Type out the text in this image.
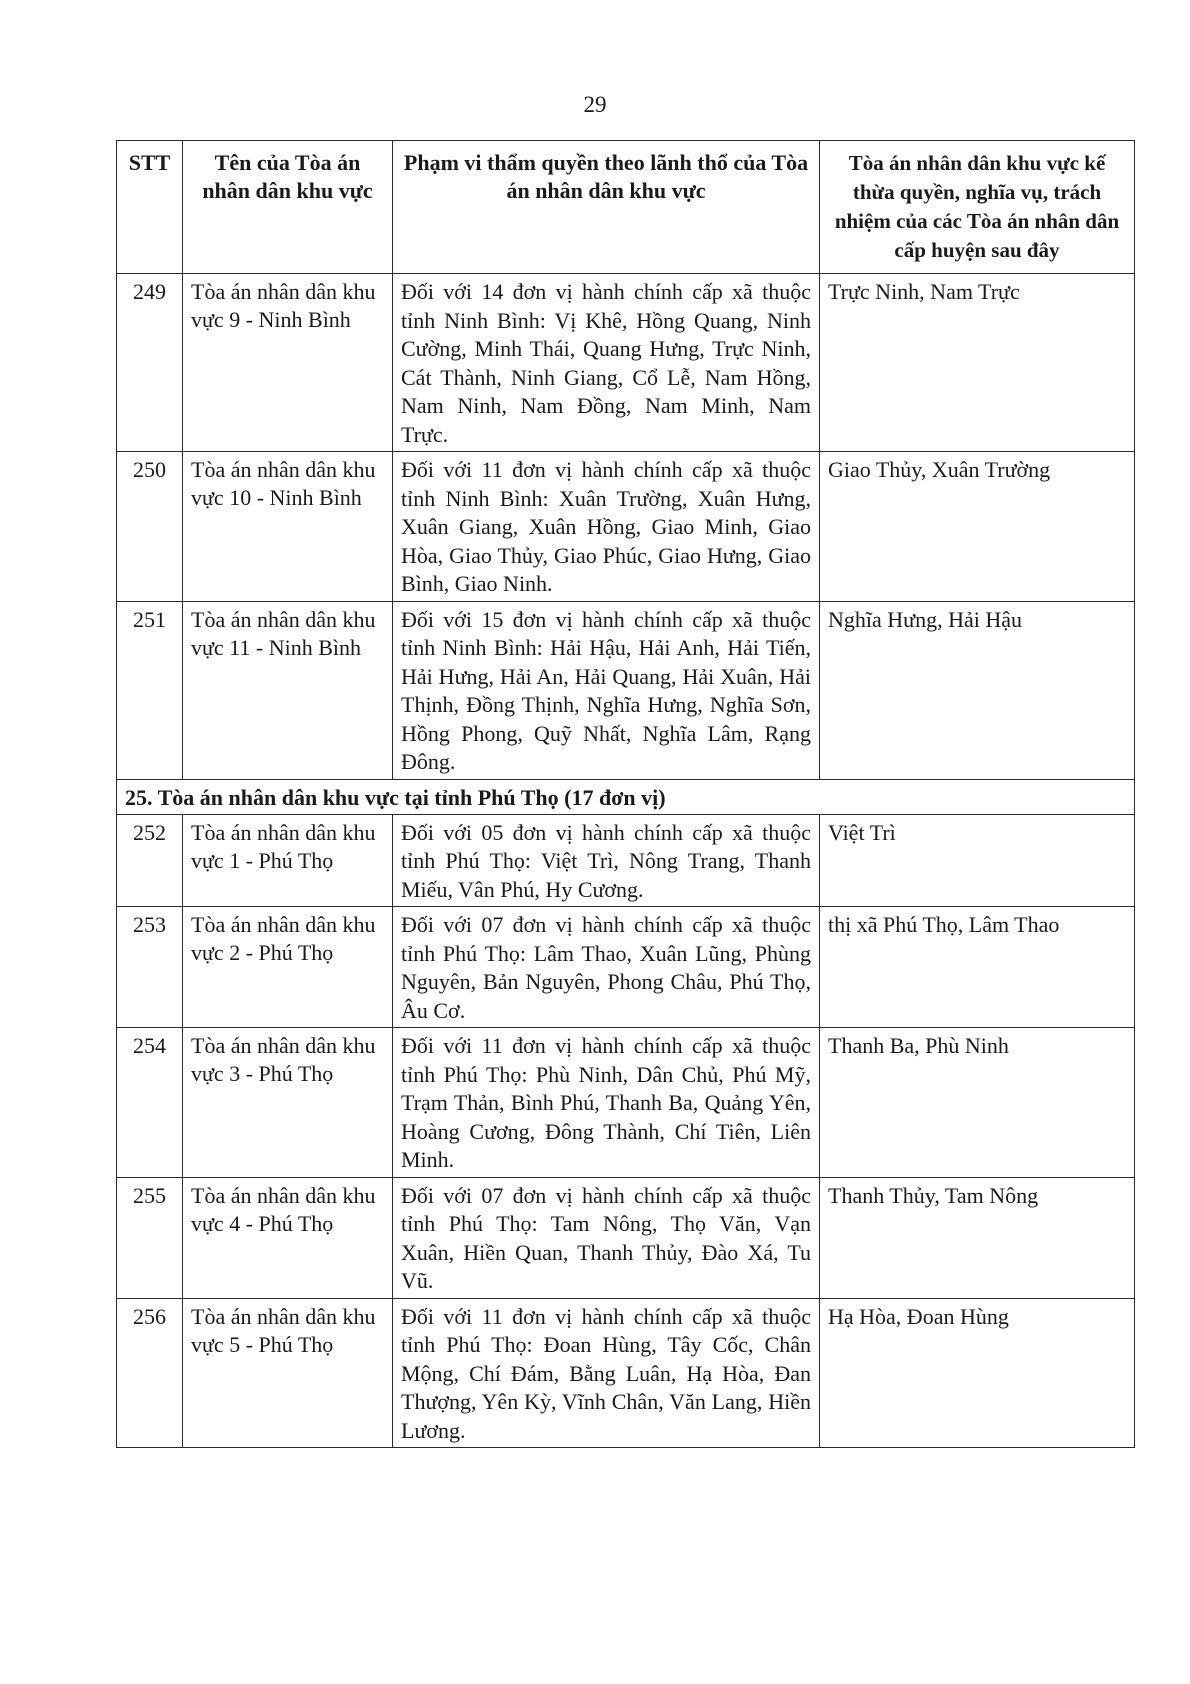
29
STT	Tên của Tòa án nhân dân khu vực	Phạm vi thẩm quyền theo lãnh thổ của Tòa án nhân dân khu vực	Tòa án nhân dân khu vực kế thừa quyền, nghĩa vụ, trách nhiệm của các Tòa án nhân dân cấp huyện sau đây
249	Tòa án nhân dân khu vực 9 - Ninh Bình	Đối với 14 đơn vị hành chính cấp xã thuộc tỉnh Ninh Bình: Vị Khê, Hồng Quang, Ninh Cường, Minh Thái, Quang Hưng, Trực Ninh, Cát Thành, Ninh Giang, Cổ Lễ, Nam Hồng, Nam Ninh, Nam Đồng, Nam Minh, Nam Trực.	Trực Ninh, Nam Trực
250	Tòa án nhân dân khu vực 10 - Ninh Bình	Đối với 11 đơn vị hành chính cấp xã thuộc tỉnh Ninh Bình: Xuân Trường, Xuân Hưng, Xuân Giang, Xuân Hồng, Giao Minh, Giao Hòa, Giao Thủy, Giao Phúc, Giao Hưng, Giao Bình, Giao Ninh.	Giao Thủy, Xuân Trường
251	Tòa án nhân dân khu vực 11 - Ninh Bình	Đối với 15 đơn vị hành chính cấp xã thuộc tỉnh Ninh Bình: Hải Hậu, Hải Anh, Hải Tiến, Hải Hưng, Hải An, Hải Quang, Hải Xuân, Hải Thịnh, Đồng Thịnh, Nghĩa Hưng, Nghĩa Sơn, Hồng Phong, Quỹ Nhất, Nghĩa Lâm, Rạng Đông.	Nghĩa Hưng, Hải Hậu
25. Tòa án nhân dân khu vực tại tỉnh Phú Thọ (17 đơn vị)			
252	Tòa án nhân dân khu vực 1 - Phú Thọ	Đối với 05 đơn vị hành chính cấp xã thuộc tỉnh Phú Thọ: Việt Trì, Nông Trang, Thanh Miếu, Vân Phú, Hy Cương.	Việt Trì
253	Tòa án nhân dân khu vực 2 - Phú Thọ	Đối với 07 đơn vị hành chính cấp xã thuộc tỉnh Phú Thọ: Lâm Thao, Xuân Lũng, Phùng Nguyên, Bản Nguyên, Phong Châu, Phú Thọ, Âu Cơ.	thị xã Phú Thọ, Lâm Thao
254	Tòa án nhân dân khu vực 3 - Phú Thọ	Đối với 11 đơn vị hành chính cấp xã thuộc tỉnh Phú Thọ: Phù Ninh, Dân Chủ, Phú Mỹ, Trạm Thản, Bình Phú, Thanh Ba, Quảng Yên, Hoàng Cương, Đông Thành, Chí Tiên, Liên Minh.	Thanh Ba, Phù Ninh
255	Tòa án nhân dân khu vực 4 - Phú Thọ	Đối với 07 đơn vị hành chính cấp xã thuộc tỉnh Phú Thọ: Tam Nông, Thọ Văn, Vạn Xuân, Hiền Quan, Thanh Thủy, Đào Xá, Tu Vũ.	Thanh Thủy, Tam Nông
256	Tòa án nhân dân khu vực 5 - Phú Thọ	Đối với 11 đơn vị hành chính cấp xã thuộc tỉnh Phú Thọ: Đoan Hùng, Tây Cốc, Chân Mộng, Chí Đám, Bằng Luân, Hạ Hòa, Đan Thượng, Yên Kỳ, Vĩnh Chân, Văn Lang, Hiền Lương.	Hạ Hòa, Đoan Hùng
